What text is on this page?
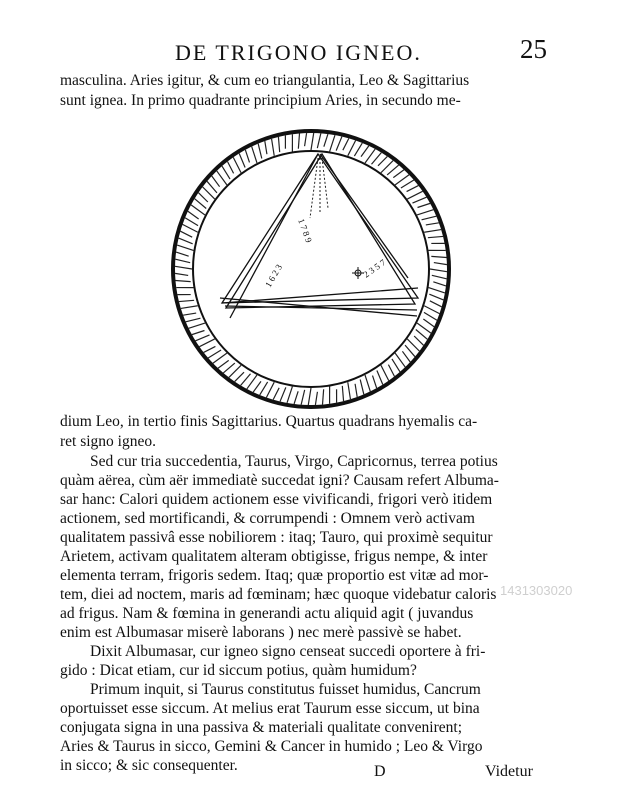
DE TRIGONO IGNEO.	25
masculina. Aries igitur, & cum eo triangulantia, Leo & Sagittarius
sunt ignea. In primo quadrante principium Aries, in secundo me-
1 7 8 9
2 3 5 7
1 6 2 3
dium Leo, in tertio finis Sagittarius. Quartus quadrans hyemalis ca-
ret signo igneo.
Sed cur tria succedentia, Taurus, Virgo, Capricornus, terrea potius
quàm aërea, cùm aër immediatè succedat igni? Causam refert Albuma-
sar hanc: Calori quidem actionem esse vivificandi, frigori verò itidem
actionem, sed mortificandi, & corrumpendi : Omnem verò activam
qualitatem passivâ esse nobiliorem : itaq; Tauro, qui proximè sequitur
Arietem, activam qualitatem alteram obtigisse, frigus nempe, & inter
elementa terram, frigoris sedem. Itaq; quæ proportio est vitæ ad mor-
tem, diei ad noctem, maris ad fœminam; hæc quoque videbatur caloris
ad frigus. Nam & fœmina in generandi actu aliquid agit ( juvandus
enim est Albumasar miserè laborans ) nec merè passivè se habet.
Dixit Albumasar, cur igneo signo censeat succedi oportere à fri-
gido : Dicat etiam, cur id siccum potius, quàm humidum?
Primum inquit, si Taurus constitutus fuisset humidus, Cancrum
oportuisset esse siccum. At melius erat Taurum esse siccum, ut bina
conjugata signa in una passiva & materiali qualitate convenirent;
Aries & Taurus in sicco, Gemini & Cancer in humido ; Leo & Virgo
in sicco; & sic consequenter.	D	Videtur
1431303020
